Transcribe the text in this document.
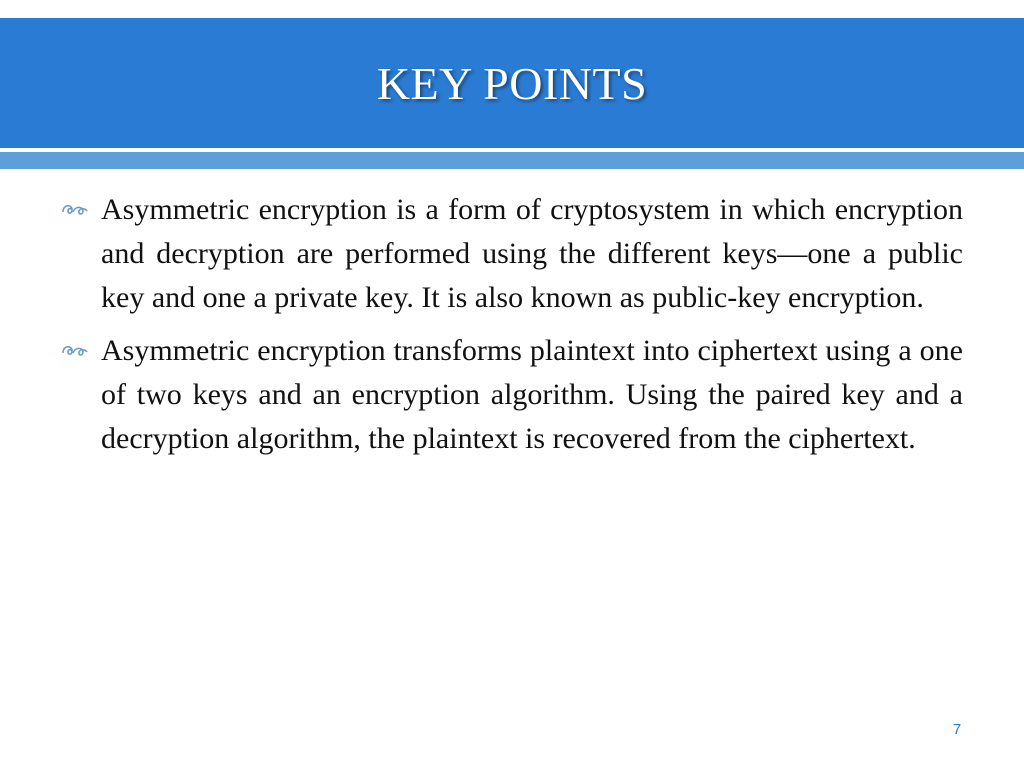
KEY POINTS
Asymmetric encryption is a form of cryptosystem in which encryption and decryption are performed using the different keys—one a public key and one a private key. It is also known as public-key encryption.
Asymmetric encryption transforms plaintext into ciphertext using a one of two keys and an encryption algorithm. Using the paired key and a decryption algorithm, the plaintext is recovered from the ciphertext.
7
